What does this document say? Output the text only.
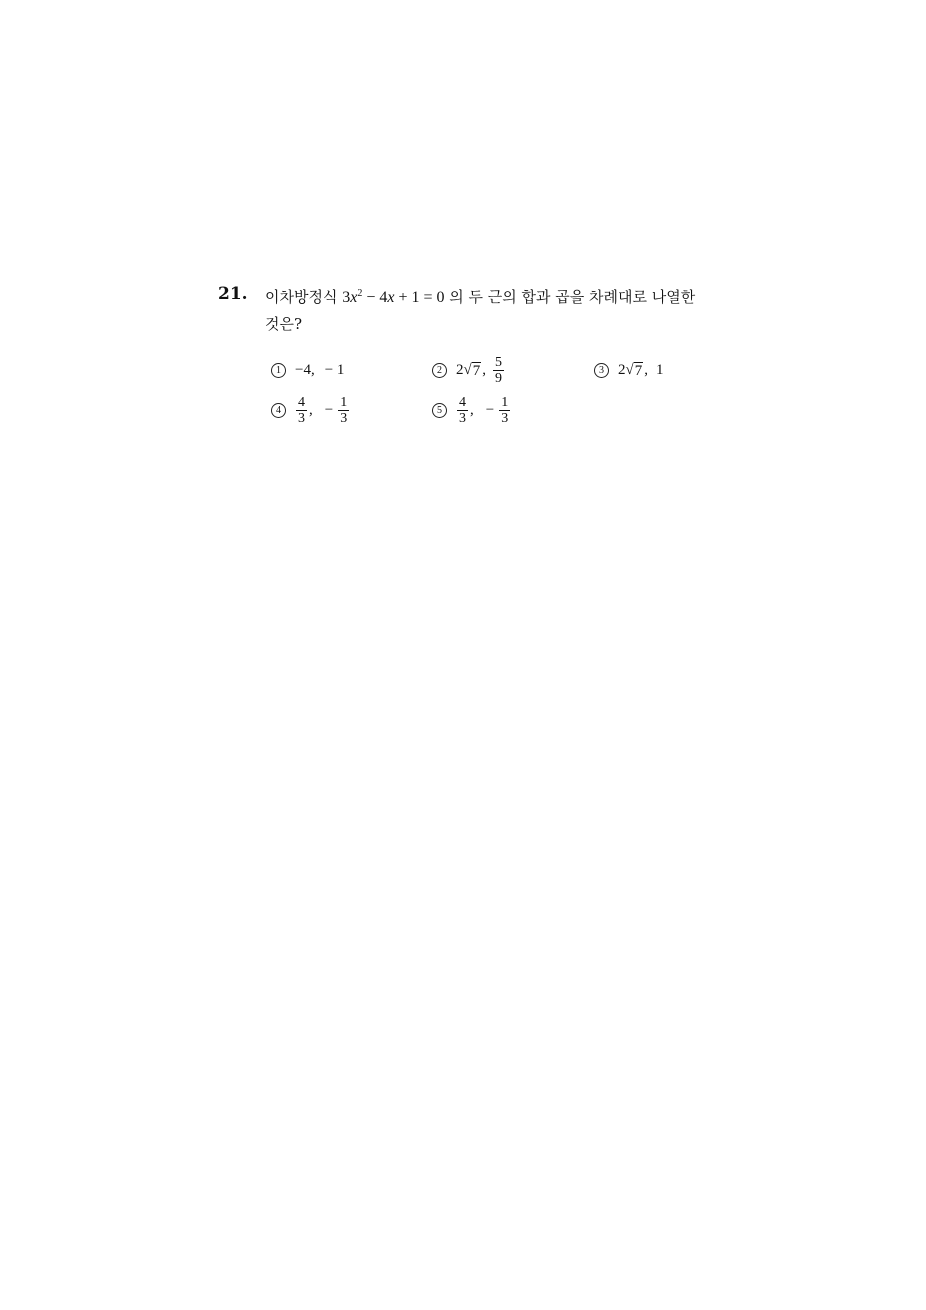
21. 이차방정식 $3x^2 - 4x + 1 = 0$ 의 두 근의 합과 곱을 차례대로 나열한
것은?
1 −4, − 1	2 2 √ 7 , $\frac{5}{9}$	3 2 √ 7 , 1
4	$\frac{4}{3}$ , − $\frac{1}{3}$	5	$\frac{4}{3}$ , − $\frac{1}{3}$
